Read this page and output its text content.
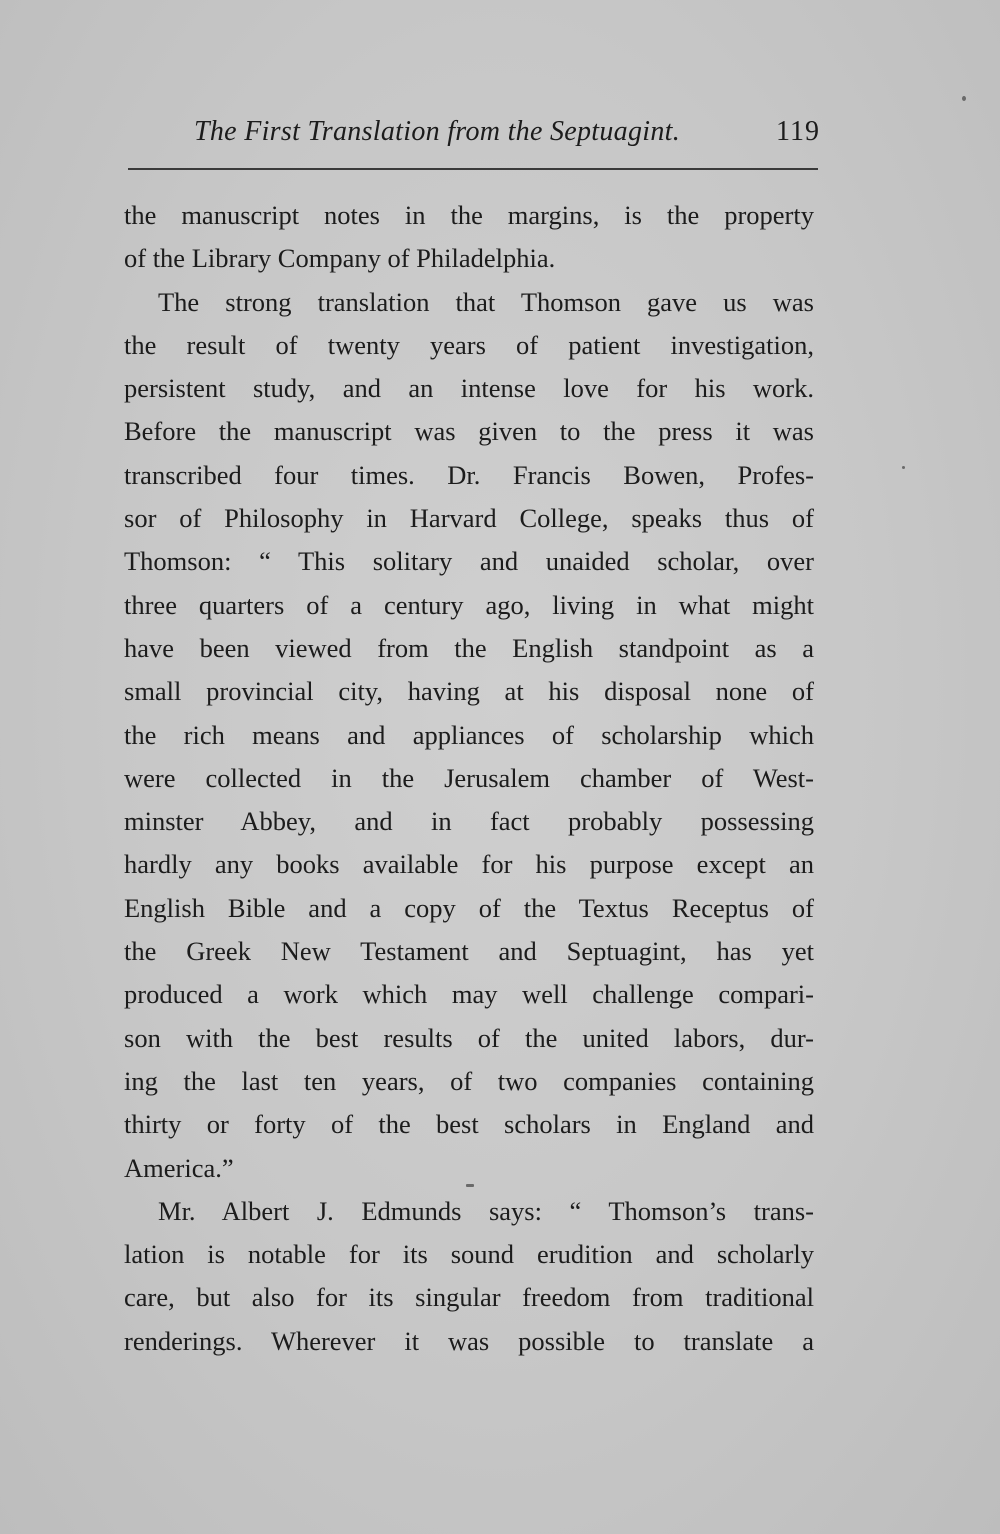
The First Translation from the Septuagint.	119
the manuscript notes in the margins, is the property
of the Library Company of Philadelphia.
The strong translation that Thomson gave us was
the result of twenty years of patient investigation,
persistent study, and an intense love for his work.
Before the manuscript was given to the press it was
transcribed four times. Dr. Francis Bowen, Profes-
sor of Philosophy in Harvard College, speaks thus of
Thomson: “ This solitary and unaided scholar, over
three quarters of a century ago, living in what might
have been viewed from the English standpoint as a
small provincial city, having at his disposal none of
the rich means and appliances of scholarship which
were collected in the Jerusalem chamber of West-
minster Abbey, and in fact probably possessing
hardly any books available for his purpose except an
English Bible and a copy of the Textus Receptus of
the Greek New Testament and Septuagint, has yet
produced a work which may well challenge compari-
son with the best results of the united labors, dur-
ing the last ten years, of two companies containing
thirty or forty of the best scholars in England and
America.”
Mr. Albert J. Edmunds says: “ Thomson’s trans-
lation is notable for its sound erudition and scholarly
care, but also for its singular freedom from traditional
renderings. Wherever it was possible to translate a
